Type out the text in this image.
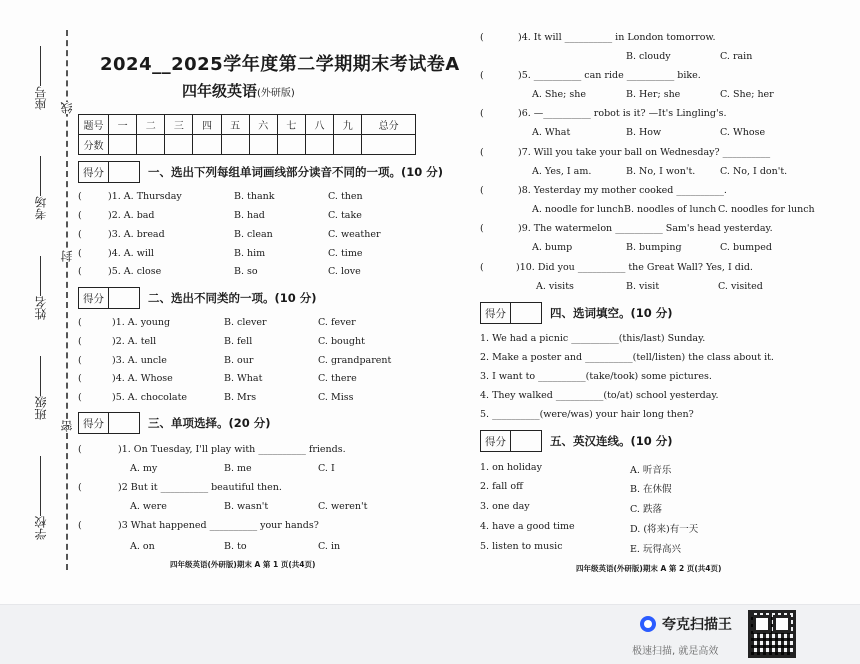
座号
考场
姓名
班级
学校
线
封
密
2024__2025学年度第二学期期末考试卷A
四年级英语(外研版)
题号	一	二	三	四	五	六	七	八	九	总分
分数										
得分	一、选出下列每组单词画线部分读音不同的一项。(10 分)
(	)1. A. Thursday	B. thank	C. then
(	)2. A. bad	B. had	C. take
(	)3. A. bread	B. clean	C. weather
(	)4. A. will	B. him	C. time
(	)5. A. close	B. so	C. love
得分	二、选出不同类的一项。(10 分)
(	)1. A. young	B. clever	C. fever
(	)2. A. tell	B. fell	C. bought
(	)3. A. uncle	B. our	C. grandparent
(	)4. A. Whose	B. What	C. there
(	)5. A. chocolate	B. Mrs	C. Miss
得分	三、单项选择。(20 分)
(	)1. On Tuesday, I'll play with __________ friends.
A. my	B. me	C. I
(	)2 But it __________ beautiful then.
A. were	B. wasn't	C. weren't
(	)3 What happened __________ your hands?
A. on	B. to	C. in
四年级英语(外研版)期末 A 第 1 页(共4页)
(	)4. It will __________ in London tomorrow.
B. cloudy	C. rain
(	)5. __________ can ride __________ bike.
A. She; she	B. Her; she	C. She; her
(	)6. —__________ robot is it? —It's Lingling's.
A. What	B. How	C. Whose
(	)7. Will you take your ball on Wednesday? __________
A. Yes, I am.	B. No, I won't.	C. No, I don't.
(	)8. Yesterday my mother cooked __________.
A. noodle for lunch B. noodles of lunch C. noodles for lunch
(	)9. The watermelon __________ Sam's head yesterday.
A. bump	B. bumping	C. bumped
(	)10. Did you __________ the Great Wall? Yes, I did.
A. visits	B. visit	C. visited
得分	四、选词填空。(10 分)
1. We had a picnic __________(this/last) Sunday.
2. Make a poster and __________(tell/listen) the class about it.
3. I want to __________(take/took) some pictures.
4. They walked __________(to/at) school yesterday.
5. __________(were/was) your hair long then?
得分	五、英汉连线。(10 分)
1. on holiday	A. 听音乐
2. fall off	B. 在休假
3. one day	C. 跌落
4. have a good time	D. (将来)有一天
5. listen to music	E. 玩得高兴
四年级英语(外研版)期末 A 第 2 页(共4页)
夸克扫描王
极速扫描, 就是高效
